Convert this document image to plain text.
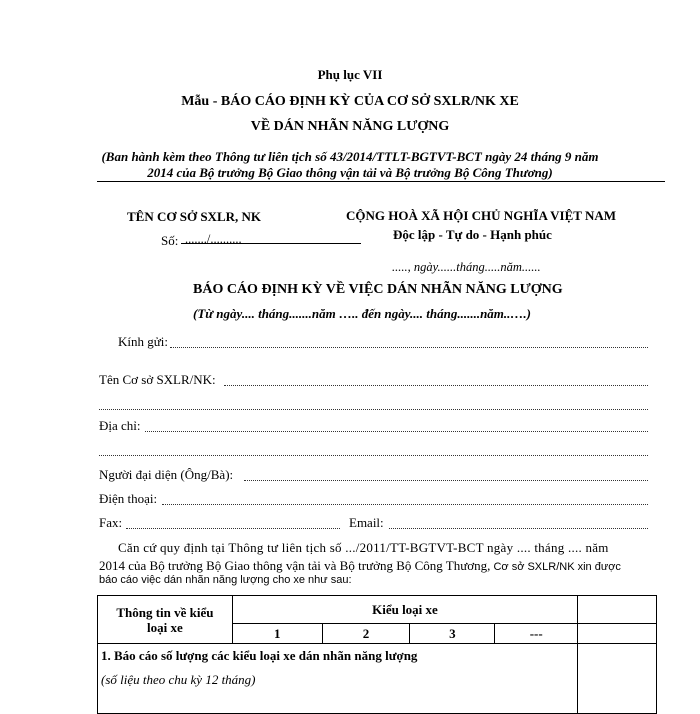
Phụ lục VII
Mẫu - BÁO CÁO ĐỊNH KỲ CỦA CƠ SỞ SXLR/NK XE
VỀ DÁN NHÃN NĂNG LƯỢNG
(Ban hành kèm theo Thông tư liên tịch số 43/2014/TTLT-BGTVT-BCT ngày 24 tháng 9 năm
2014 của Bộ trưởng Bộ Giao thông vận tải và Bộ trưởng Bộ Công Thương)
TÊN CƠ SỞ SXLR, NK
Số: ......./..........
CỘNG HOÀ XÃ HỘI CHỦ NGHĨA VIỆT NAM
Độc lập - Tự do - Hạnh phúc
....., ngày......tháng.....năm......
BÁO CÁO ĐỊNH KỲ VỀ VIỆC DÁN NHÃN NĂNG LƯỢNG
(Từ ngày.... tháng.......năm ….. đến ngày.... tháng.......năm..….)
Kính gửi:
Tên Cơ sở SXLR/NK:
Địa chỉ:
Người đại diện (Ông/Bà):
Điện thoại:
Fax:	Email:
Căn cứ quy định tại Thông tư liên tịch số .../2011/TT-BGTVT-BCT ngày .... tháng .... năm
2014 của Bộ trưởng Bộ Giao thông vận tải và Bộ trưởng Bộ Công Thương, Cơ sở SXLR/NK xin được
báo cáo việc dán nhãn năng lượng cho xe như sau:
Thông tin về kiểu
loại xe	Kiểu loại xe				
	1	2	3	---	

1. Báo cáo số lượng các kiểu loại xe dán nhãn năng lượng
(số liệu theo chu kỳ 12 tháng)					
